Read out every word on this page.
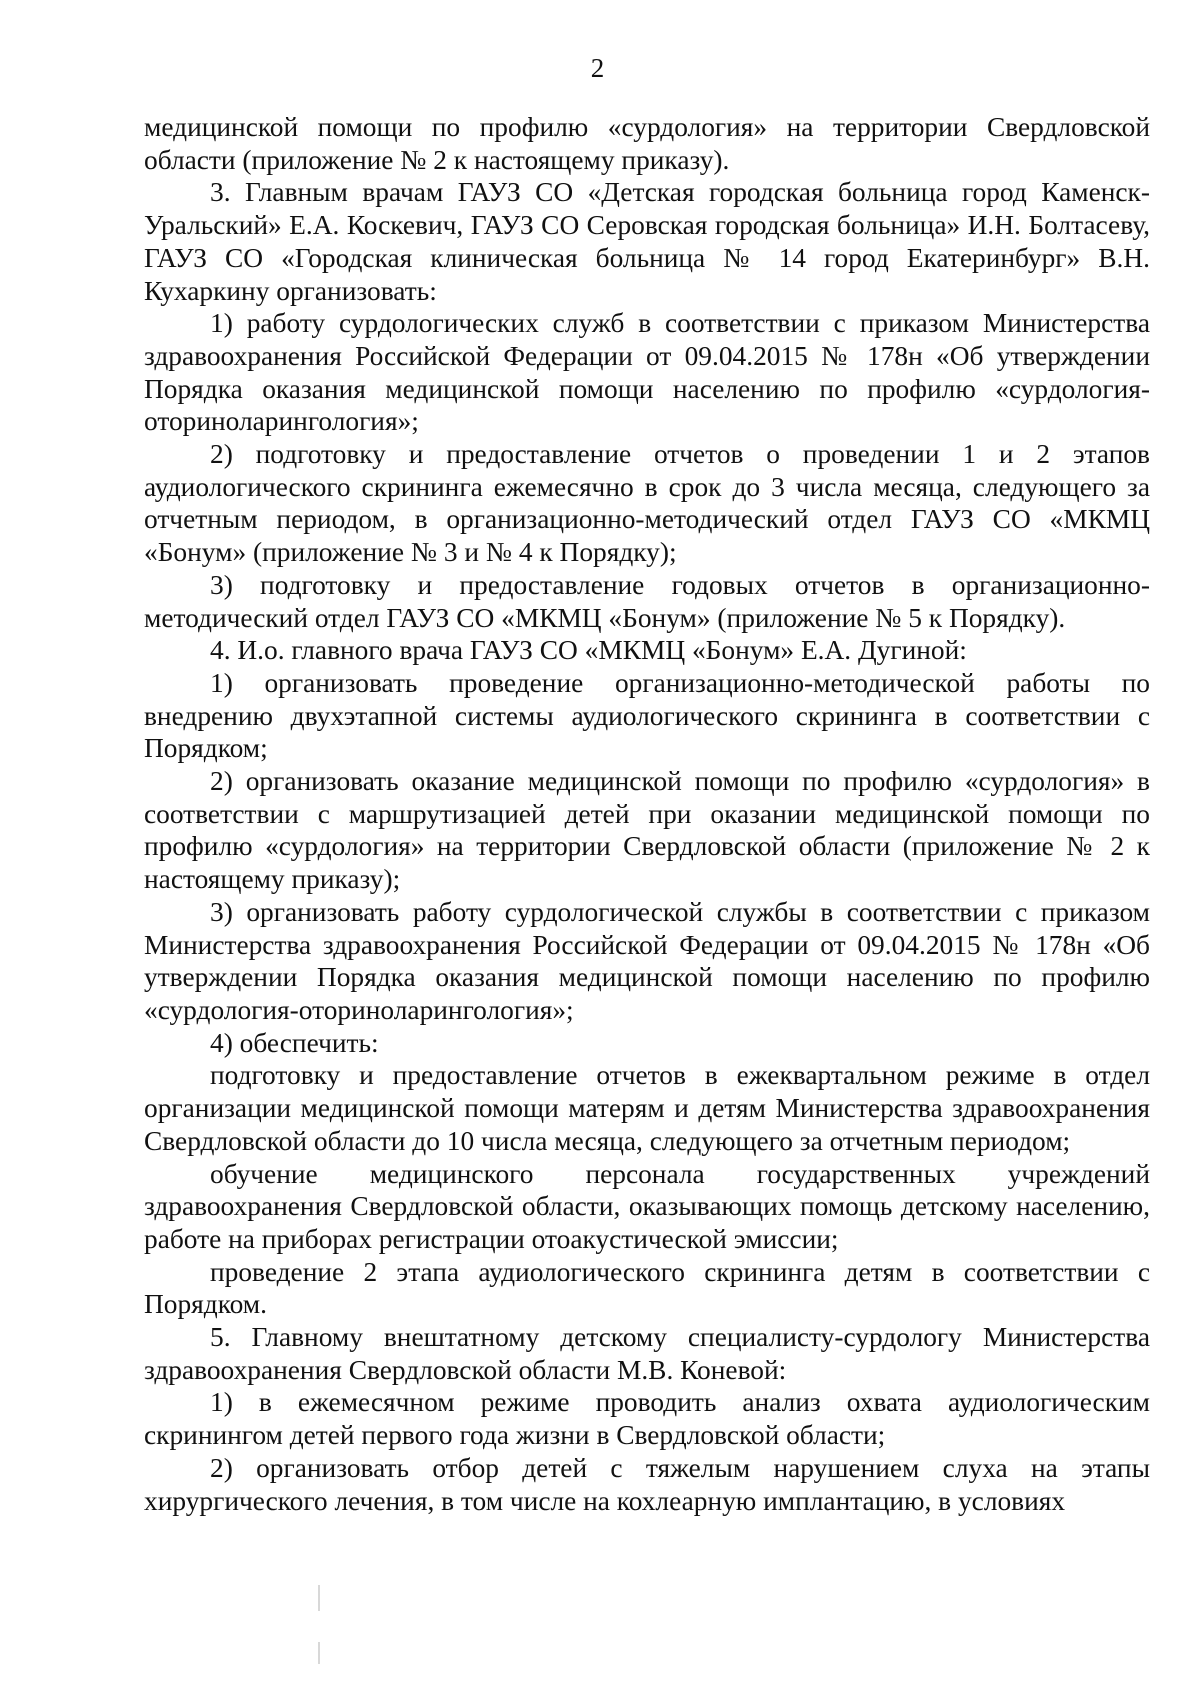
2

медицинской помощи по профилю «сурдология» на территории Свердловской области (приложение № 2 к настоящему приказу).

3. Главным врачам ГАУЗ СО «Детская городская больница город Каменск-Уральский» Е.А. Коскевич, ГАУЗ СО Серовская городская больница» И.Н. Болтасеву, ГАУЗ СО «Городская клиническая больница № 14 город Екатеринбург» В.Н. Кухаркину организовать:

1) работу сурдологических служб в соответствии с приказом Министерства здравоохранения Российской Федерации от 09.04.2015 № 178н «Об утверждении Порядка оказания медицинской помощи населению по профилю «сурдология-оториноларингология»;

2) подготовку и предоставление отчетов о проведении 1 и 2 этапов аудиологического скрининга ежемесячно в срок до 3 числа месяца, следующего за отчетным периодом, в организационно-методический отдел ГАУЗ СО «МКМЦ «Бонум» (приложение № 3 и № 4 к Порядку);

3) подготовку и предоставление годовых отчетов в организационно-методический отдел ГАУЗ СО «МКМЦ «Бонум» (приложение № 5 к Порядку).

4. И.о. главного врача ГАУЗ СО «МКМЦ «Бонум» Е.А. Дугиной:

1) организовать проведение организационно-методической работы по внедрению двухэтапной системы аудиологического скрининга в соответствии с Порядком;

2) организовать оказание медицинской помощи по профилю «сурдология» в соответствии с маршрутизацией детей при оказании медицинской помощи по профилю «сурдология» на территории Свердловской области (приложение № 2 к настоящему приказу);

3) организовать работу сурдологической службы в соответствии с приказом Министерства здравоохранения Российской Федерации от 09.04.2015 № 178н «Об утверждении Порядка оказания медицинской помощи населению по профилю «сурдология-оториноларингология»;

4) обеспечить:

подготовку и предоставление отчетов в ежеквартальном режиме в отдел организации медицинской помощи матерям и детям Министерства здравоохранения Свердловской области до 10 числа месяца, следующего за отчетным периодом;

обучение медицинского персонала государственных учреждений здравоохранения Свердловской области, оказывающих помощь детскому населению, работе на приборах регистрации отоакустической эмиссии;

проведение 2 этапа аудиологического скрининга детям в соответствии с Порядком.

5. Главному внештатному детскому специалисту-сурдологу Министерства здравоохранения Свердловской области М.В. Коневой:

1) в ежемесячном режиме проводить анализ охвата аудиологическим скринингом детей первого года жизни в Свердловской области;

2) организовать отбор детей с тяжелым нарушением слуха на этапы хирургического лечения, в том числе на кохлеарную имплантацию, в условиях
